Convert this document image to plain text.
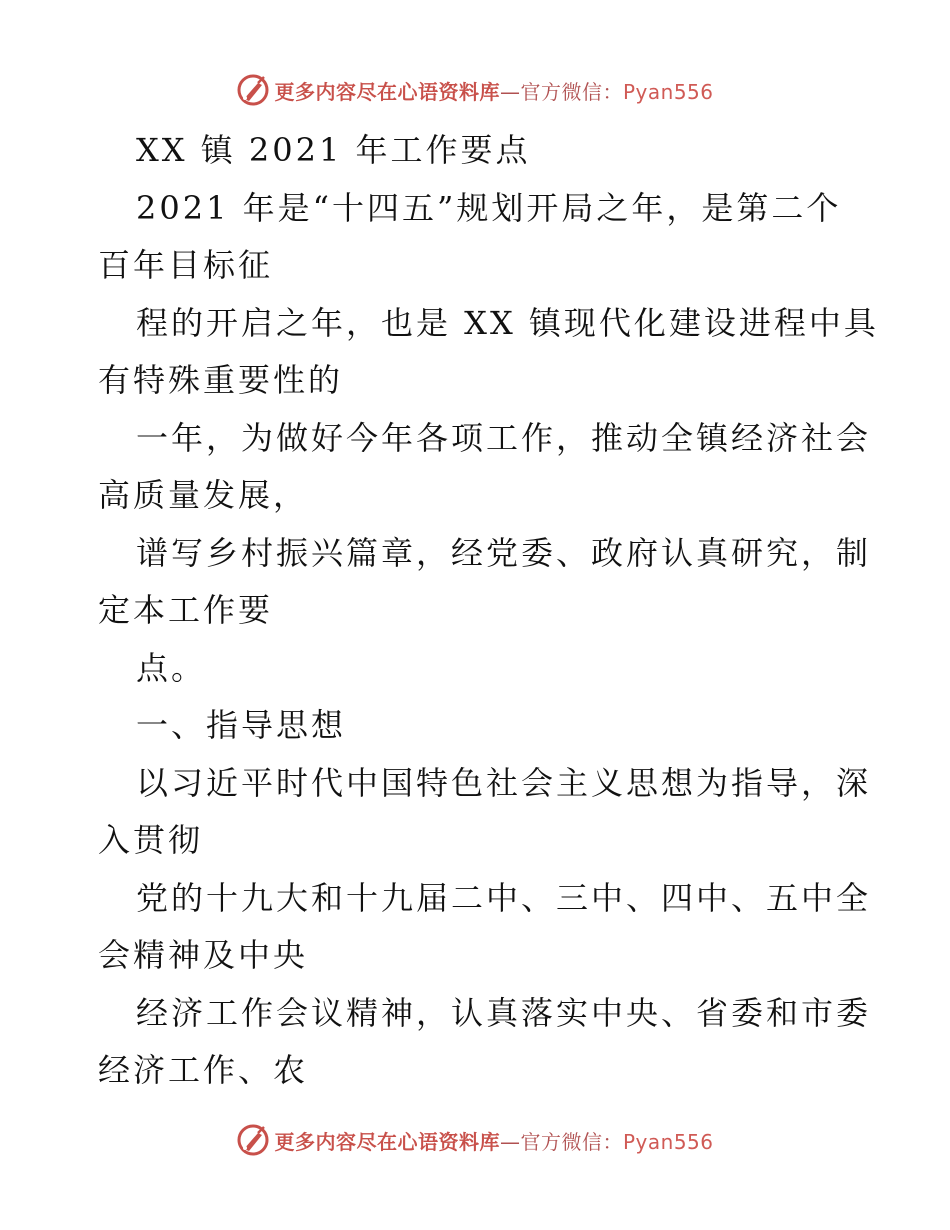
更多内容尽在心语资料库—官方微信：Pyan556
XX 镇 2021 年工作要点
2021 年是“十四五”规划开局之年，是第二个
百年目标征
程的开启之年，也是 XX 镇现代化建设进程中具
有特殊重要性的
一年，为做好今年各项工作，推动全镇经济社会
高质量发展，
谱写乡村振兴篇章，经党委、政府认真研究，制
定本工作要
点。
一、指导思想
以习近平时代中国特色社会主义思想为指导，深
入贯彻
党的十九大和十九届二中、三中、四中、五中全
会精神及中央
经济工作会议精神，认真落实中央、省委和市委
经济工作、农
更多内容尽在心语资料库—官方微信：Pyan556
